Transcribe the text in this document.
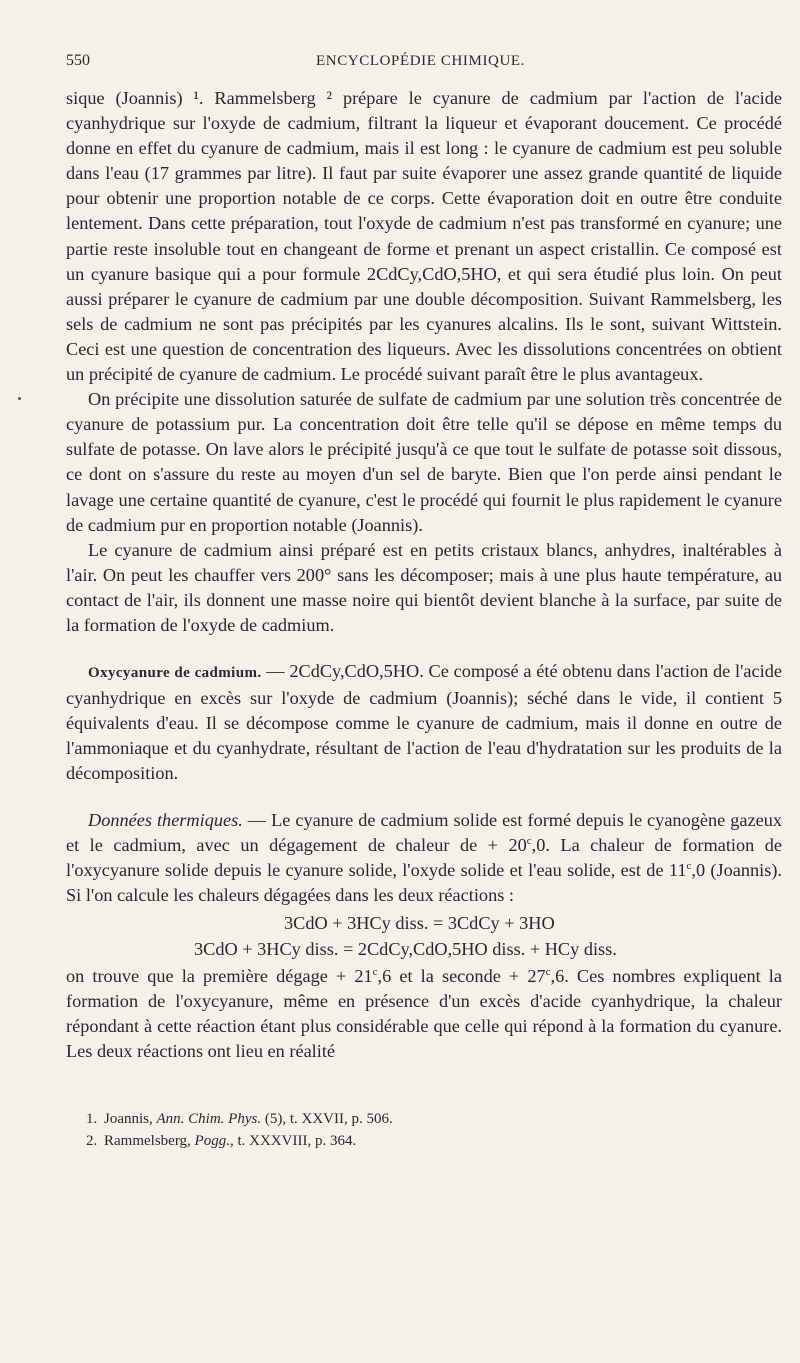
550	ENCYCLOPÉDIE CHIMIQUE.

sique (Joannis) ¹. Rammelsberg ² prépare le cyanure de cadmium par l'action de l'acide cyanhydrique sur l'oxyde de cadmium, filtrant la liqueur et évaporant doucement. Ce procédé donne en effet du cyanure de cadmium, mais il est long : le cyanure de cadmium est peu soluble dans l'eau (17 grammes par litre). Il faut par suite évaporer une assez grande quantité de liquide pour obtenir une proportion notable de ce corps. Cette évaporation doit en outre être conduite lentement. Dans cette préparation, tout l'oxyde de cadmium n'est pas transformé en cyanure; une partie reste insoluble tout en changeant de forme et prenant un aspect cristallin. Ce composé est un cyanure basique qui a pour formule 2CdCy,CdO,5HO, et qui sera étudié plus loin. On peut aussi préparer le cyanure de cadmium par une double décomposition. Suivant Rammelsberg, les sels de cadmium ne sont pas précipités par les cyanures alcalins. Ils le sont, suivant Wittstein. Ceci est une question de concentration des liqueurs. Avec les dissolutions concentrées on obtient un précipité de cyanure de cadmium. Le procédé suivant paraît être le plus avantageux.

On précipite une dissolution saturée de sulfate de cadmium par une solution très concentrée de cyanure de potassium pur. La concentration doit être telle qu'il se dépose en même temps du sulfate de potasse. On lave alors le précipité jusqu'à ce que tout le sulfate de potasse soit dissous, ce dont on s'assure du reste au moyen d'un sel de baryte. Bien que l'on perde ainsi pendant le lavage une certaine quantité de cyanure, c'est le procédé qui fournit le plus rapidement le cyanure de cadmium pur en proportion notable (Joannis).

Le cyanure de cadmium ainsi préparé est en petits cristaux blancs, anhydres, inaltérables à l'air. On peut les chauffer vers 200° sans les décomposer; mais à une plus haute température, au contact de l'air, ils donnent une masse noire qui bientôt devient blanche à la surface, par suite de la formation de l'oxyde de cadmium.

Oxycyanure de cadmium. — 2CdCy,CdO,5HO. Ce composé a été obtenu dans l'action de l'acide cyanhydrique en excès sur l'oxyde de cadmium (Joannis); séché dans le vide, il contient 5 équivalents d'eau. Il se décompose comme le cyanure de cadmium, mais il donne en outre de l'ammoniaque et du cyanhydrate, résultant de l'action de l'eau d'hydratation sur les produits de la décomposition.

Données thermiques. — Le cyanure de cadmium solide est formé depuis le cyanogène gazeux et le cadmium, avec un dégagement de chaleur de + $20^c,0$. La chaleur de formation de l'oxycyanure solide depuis le cyanure solide, l'oxyde solide et l'eau solide, est de 11$^c$,0 (Joannis). Si l'on calcule les chaleurs dégagées dans les deux réactions :

3CdO + 3HCy diss. = 3CdCy + 3HO
3CdO + 3HCy diss. = 2CdCy,CdO,5HO diss. + HCy diss.

on trouve que la première dégage + $21^c,6$ et la seconde + $27^c,6$. Ces nombres expliquent la formation de l'oxycyanure, même en présence d'un excès d'acide cyanhydrique, la chaleur répondant à cette réaction étant plus considérable que celle qui répond à la formation du cyanure. Les deux réactions ont lieu en réalité

1. Joannis, Ann. Chim. Phys. (5), t. XXVII, p. 506.
2. Rammelsberg, Pogg., t. XXXVIII, p. 364.
